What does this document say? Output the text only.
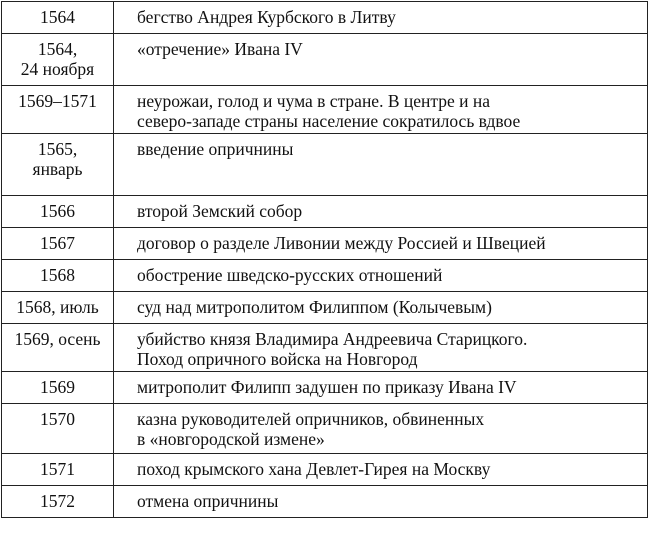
1564	бегство Андрея Курбского в Литву

1564,
24 ноября	«отречение» Ивана IV

1569–1571	неурожаи, голод и чума в стране. В центре и на
северо-западе страны население сократилось вдвое

1565,
январь	введение опричнины

1566	второй Земский собор

1567	договор о разделе Ливонии между Россией и Швецией

1568	обострение шведско-русских отношений

1568, июль	суд над митрополитом Филиппом (Колычевым)

1569, осень	убийство князя Владимира Андреевича Старицкого.
Поход опричного войска на Новгород

1569	митрополит Филипп задушен по приказу Ивана IV

1570	казна руководителей опричников, обвиненных
в «новгородской измене»

1571	поход крымского хана Девлет-Гирея на Москву

1572	отмена опричнины
